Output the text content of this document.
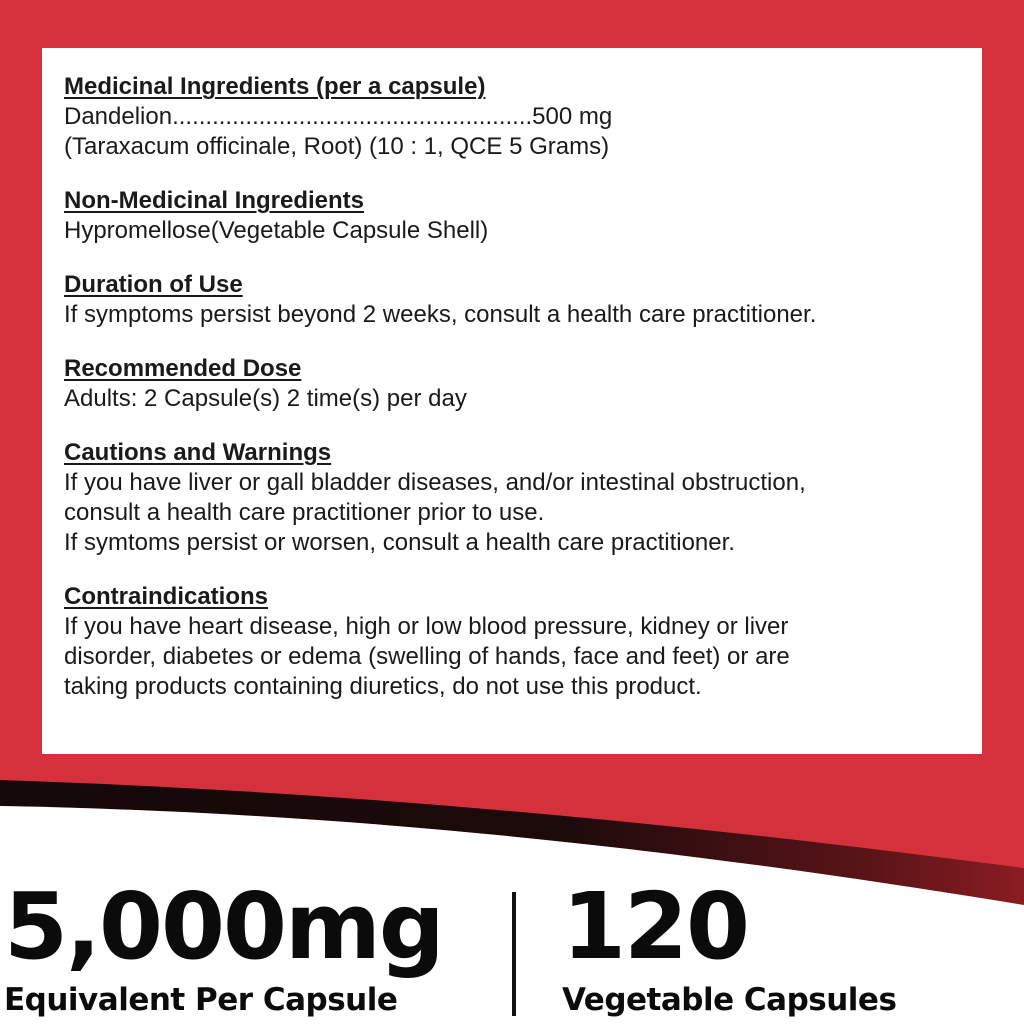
Medicinal Ingredients (per a capsule)
Dandelion......................................................500 mg
(Taraxacum officinale, Root) (10 : 1, QCE 5 Grams)
Non-Medicinal Ingredients
Hypromellose(Vegetable Capsule Shell)
Duration of Use
If symptoms persist beyond 2 weeks, consult a health care practitioner.
Recommended Dose
Adults: 2 Capsule(s) 2 time(s) per day
Cautions and Warnings
If you have liver or gall bladder diseases, and/or intestinal obstruction,
consult a health care practitioner prior to use.
If symtoms persist or worsen, consult a health care practitioner.
Contraindications
If you have heart disease, high or low blood pressure, kidney or liver
disorder, diabetes or edema (swelling of hands, face and feet) or are
taking products containing diuretics, do not use this product.
5,000mg
Equivalent Per Capsule
120
Vegetable Capsules
